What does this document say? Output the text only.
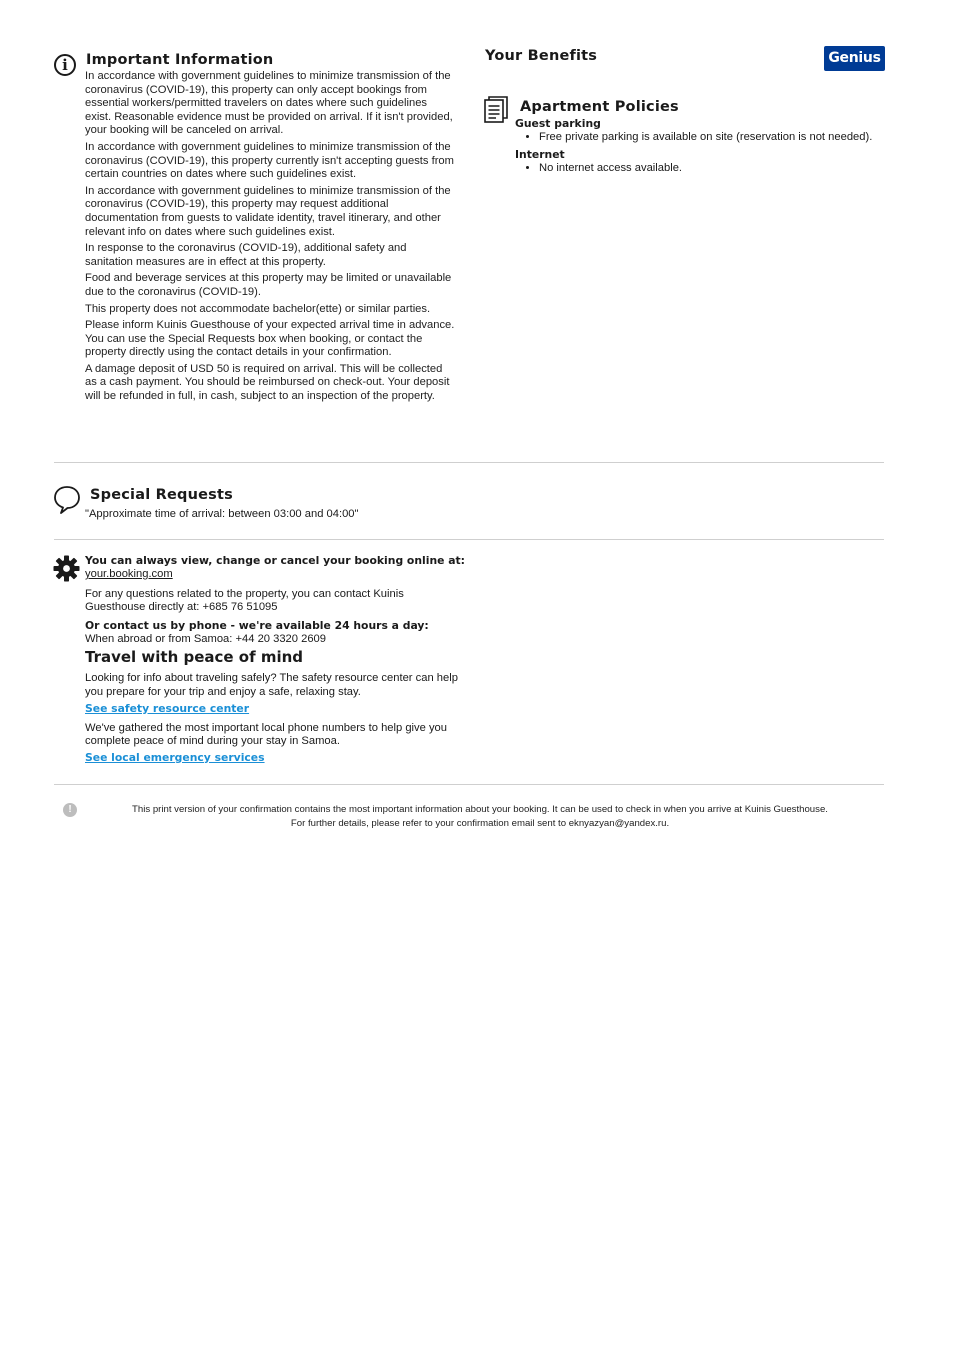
i	Important Information

In accordance with government guidelines to minimize transmission of the coronavirus (COVID-19), this property can only accept bookings from essential workers/permitted travelers on dates where such guidelines exist. Reasonable evidence must be provided on arrival. If it isn't provided, your booking will be canceled on arrival.

In accordance with government guidelines to minimize transmission of the coronavirus (COVID-19), this property currently isn't accepting guests from certain countries on dates where such guidelines exist.

In accordance with government guidelines to minimize transmission of the coronavirus (COVID-19), this property may request additional documentation from guests to validate identity, travel itinerary, and other relevant info on dates where such guidelines exist.

In response to the coronavirus (COVID-19), additional safety and sanitation measures are in effect at this property.

Food and beverage services at this property may be limited or unavailable due to the coronavirus (COVID-19).

This property does not accommodate bachelor(ette) or similar parties.

Please inform Kuinis Guesthouse of your expected arrival time in advance. You can use the Special Requests box when booking, or contact the property directly using the contact details in your confirmation.

A damage deposit of USD 50 is required on arrival. This will be collected as a cash payment. You should be reimbursed on check-out. Your deposit will be refunded in full, in cash, subject to an inspection of the property.

Your Benefits	Genius
Apartment Policies

Guest parking

• Free private parking is available on site (reservation is not needed).

Internet

• No internet access available.
Special Requests

"Approximate time of arrival: between 03:00 and 04:00"

You can always view, change or cancel your booking online at:

your.booking.com

For any questions related to the property, you can contact Kuinis Guesthouse directly at: +685 76 51095

Or contact us by phone - we're available 24 hours a day:

When abroad or from Samoa: +44 20 3320 2609

Travel with peace of mind

Looking for info about traveling safely? The safety resource center can help you prepare for your trip and enjoy a safe, relaxing stay.

See safety resource center

We've gathered the most important local phone numbers to help give you complete peace of mind during your stay in Samoa.

See local emergency services
!	This print version of your confirmation contains the most important information about your booking. It can be used to check in when you arrive at Kuinis Guesthouse.
For further details, please refer to your confirmation email sent to eknyazyan@yandex.ru.
